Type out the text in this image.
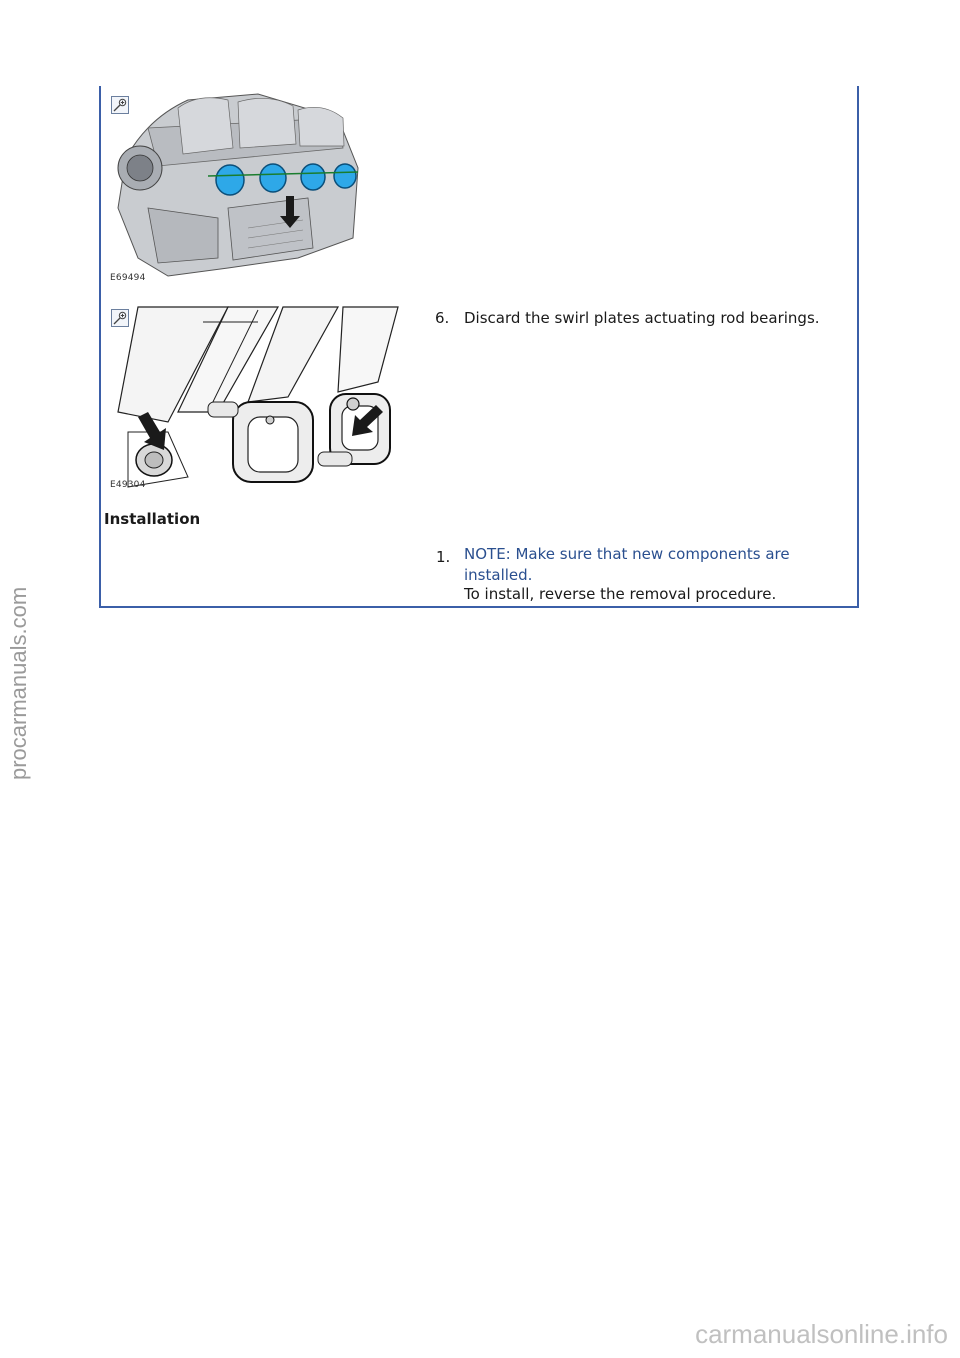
E69494
E49304
6. Discard the swirl plates actuating rod bearings.
Installation
1. NOTE: Make sure that new components are
installed.
To install, reverse the removal procedure.
procarmanuals.com
carmanualsonline.info
